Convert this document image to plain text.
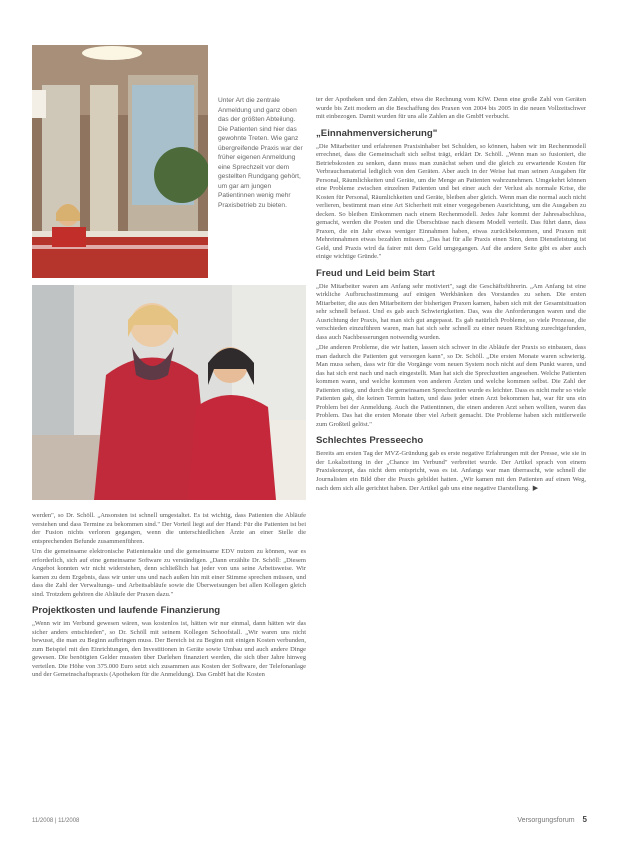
Unter Art die zentrale Anmeldung und ganz oben das der größten Abteilung. Die Patienten sind hier das gewohnte Treten. Wie ganz übergreifende Praxis war der früher eigenen Anmeldung eine Sprechzeit vor dem gestellten Rundgang gehört, um gar am jungen Patientinnen wenig mehr Praxisbetrieb zu bieten.

ter der Apotheken und den Zahlen, etwa die Rechnung vom KfW. Denn eine große Zahl von Geräten wurde bis Zeit modern an die Beschaffung des Praxen von 2004 bis 2005 in die neuen Vollzeitschwer mit einbezogen. Damit wurden für uns alle Zahlen an die GmbH verbucht.

„Einnahmenversicherung"

„Die Mitarbeiter und erfahrenen Praxisinhaber bei Schulden, so können, haben wir im Rechenmodell errechnet, dass die Gemeinschaft sich selbst trägt, erklärt Dr. Schöll. „Wenn man so fusioniert, die Betriebskosten zu senken, dann muss man zunächst sehen und die gleich zu erwartende Kosten für Verbrauchsmaterial lediglich von den Geräten. Aber auch in der Weise hat man seinen Ausgaben für Personal, Räumlichkeiten und Geräte, um die Menge an Patienten wahrzunehmen. Umgekehrt können eine Probleme zwischen einzelnen Patienten und bei einer auch der Verlust als normale Krise, die Kosten für Personal, Räumlichkeiten und Geräte, bleiben aber gleich. Wenn man die normal auch nicht verlieren, bestimmt man eine Art Sicherheit mit einer vorgegebenen Ausrichtung, um die Ausgaben zu decken. So bleiben Einkommen nach einem Rechenmodell. Jedes Jahr kommt der Jahresabschluss, gemacht, werden die Posten und die Überschüsse nach diesem Modell verteilt. Das führt dann, dass Praxen, die ein Jahr etwas weniger Einnahmen haben, etwas zurückbekommen, und Praxen mit Mehreinnahmen etwas bezahlen müssen. „Das hat für alle Praxis einen Sinn, denn Dienstleistung ist Geld, und Praxis wird da fairer mit dem Geld umgegangen. Auf die andere Seite gibt es aber auch einige wichtige Gründe."

Freud und Leid beim Start

„Die Mitarbeiter waren am Anfang sehr motiviert", sagt die Geschäftsführerin. „Am Anfang ist eine wirkliche Aufbruchsstimmung auf einigen Werkbänken des Vorstandes zu sehen. Die ersten Mitarbeiter, die aus den Mitarbeitern der bisherigen Praxen kamen, haben sich mit der Gesamtsituation sehr schnell befasst. Und es gab auch Schwierigkeiten. Das, was die Anforderungen waren und die Ausrichtung der Praxis, hat man sich gut angepasst. Es gab natürlich Probleme, so viele Prozesse, die verschieden einzuführen waren, man hat sich sehr schnell zu einer neuen Richtung zurechtgefunden, dass auch Nachbesserungen notwendig wurden.

„Die anderen Probleme, die wir hatten, lassen sich schwer in die Abläufe der Praxis so einbauen, dass man dadurch die Patienten gut versorgen kann", so Dr. Schöll. „Die ersten Monate waren schwierig. Man muss sehen, dass wir für die Vorgänge vom neuen System noch nicht auf dem Punkt waren, und das hat sich erst nach und nach eingestellt. Man hat sich die Sprechzeiten angesehen. Welche Patienten kommen wann, und welche kommen von anderen Ärzten und welche kommen selbst. Die Zahl der Patienten stieg, und durch die gemeinsamen Sprechzeiten wurde es leichter. Dass es nicht mehr so viele Patienten gab, die keinen Termin hatten, und dass jeder einen Arzt bekommen hat, war für uns ein Problem bei der Anmeldung. Auch die Patientinnen, die einen anderen Arzt sehen wollten, waren das Problem. Das hat die ersten Monate über viel Arbeit gemacht. Die Probleme haben sich mittlerweile zum Großteil gelöst."

Schlechtes Presseecho

Bereits am ersten Tag der MVZ-Gründung gab es erste negative Erfahrungen mit der Presse, wie sie in der Lokalzeitung in der „Chance im Verbund" verbreitet wurde. Der Artikel sprach von einem Praxiskonzept, das nicht dem entspricht, was es ist. Anfangs war man überrascht, wie schnell die Journalisten ein Bild über die Praxis gebildet hatten. „Wir kamen mit den Patienten auf einen Weg, nach dem sich alle gerichtet haben. Der Artikel gab uns eine negative Darstellung. ▶

werden", so Dr. Schöll. „Ansonsten ist schnell umgestaltet. Es ist wichtig, dass Patienten die Abläufe verstehen und dass Termine zu bekommen sind." Der Vorteil liegt auf der Hand: Für die Patienten ist bei der Fusion nichts verloren gegangen, wenn die unterschiedlichen Ärzte an einer Stelle die entsprechenden Befunde zusammenführen.

Um die gemeinsame elektronische Patientenakte und die gemeinsame EDV nutzen zu können, war es erforderlich, sich auf eine gemeinsame Software zu verständigen. „Dann erzählte Dr. Schöll: „Diesem Angebot konnten wir nicht widerstehen, denn schließlich hat jeder von uns seine Arbeitsweise. Wir kamen zu dem Ergebnis, dass wir unter uns und nach außen hin mit einer Stimme sprechen müssen, und dass die Zahl der Verwaltungs- und Arbeitsabläufe sowie die Überweisungen bei allen Kollegen gleich sind. Trotzdem gehören die Abläufe der Praxen dazu."

Projektkosten und laufende Finanzierung

„Wenn wir im Verbund gewesen wären, was kostenlos ist, hätten wir nur einmal, dann hätten wir das sicher anders entschieden", so Dr. Schöll mit seinem Kollegen Schoofstall. „Wir waren uns nicht bewusst, die man zu Beginn aufbringen muss. Der Bereich ist zu Beginn mit einigen Kosten verbunden, zum Beispiel mit den Einrichtungen, den Investitionen in Geräte sowie Umbau und auch andere Dinge gewesen. Die benötigten Gelder mussten über Darlehen finanziert werden, die sich über Jahre hinweg verteilen. Die Höhe von 375.000 Euro setzt sich zusammen aus Kosten der Software, der Telefonanlage und der Gemeinschaftspraxis (Apotheken für die Anmeldung). Das GmbH hat die Kosten

11/2008 | 11/2008	Versorgungsforum 5
